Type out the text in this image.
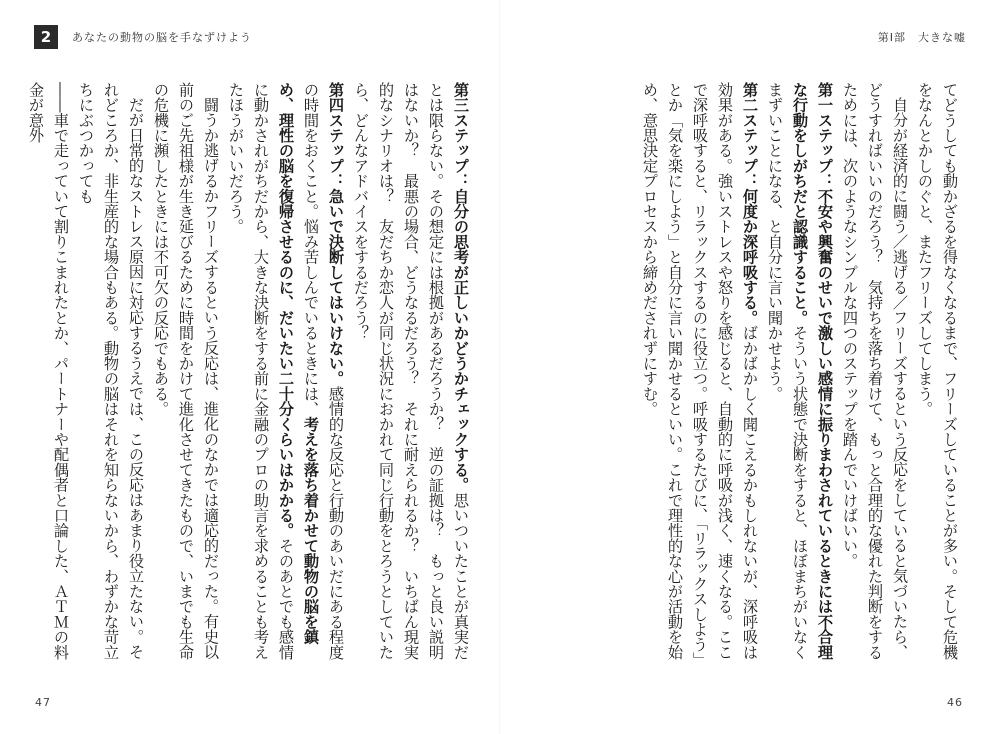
2	あなたの動物の脳を手なずけよう	第Ⅰ部　大きな嘘

てどうしても動かざるを得なくなるまで、フリーズしていることが多い。そして危機をなんとかしのぐと、またフリーズしてしまう。

自分が経済的に闘う／逃げる／フリーズするという反応をしていると気づいたら、どうすればいいのだろう？　気持ちを落ち着けて、もっと合理的な優れた判断をするためには、次のようなシンプルな四つのステップを踏んでいけばいい。

第一ステップ：不安や興奮のせいで激しい感情に振りまわされているときには不合理な行動をしがちだと認識すること。そういう状態で決断をすると、ほぼまちがいなくまずいことになる、と自分に言い聞かせよう。

第二ステップ：何度か深呼吸する。ばかばかしく聞こえるかもしれないが、深呼吸は効果がある。強いストレスや怒りを感じると、自動的に呼吸が浅く、速くなる。ここで深呼吸すると、リラックスするのに役立つ。呼吸するたびに、「リラックスしよう」とか「気を楽にしよう」と自分に言い聞かせるといい。これで理性的な心が活動を始め、意思決定プロセスから締めだされずにすむ。

第三ステップ：自分の思考が正しいかどうかチェックする。思いついたことが真実だとは限らない。その想定には根拠があるだろうか？　逆の証拠は？　もっと良い説明はないか？　最悪の場合、どうなるだろう？　それに耐えられるか？　いちばん現実的なシナリオは？　友だちか恋人が同じ状況におかれて同じ行動をとろうとしていたら、どんなアドバイスをするだろう？

第四ステップ：急いで決断してはいけない。感情的な反応と行動のあいだにある程度の時間をおくこと。悩み苦しんでいるときには、考えを落ち着かせて動物の脳を鎮め、理性の脳を復帰させるのに、だいたい二十分くらいはかかる。そのあとでも感情に動かされがちだから、大きな決断をする前に金融のプロの助言を求めることも考えたほうがいいだろう。

闘うか逃げるかフリーズするという反応は、進化のなかでは適応的だった。有史以前のご先祖様が生き延びるために時間をかけて進化させてきたもので、いまでも生命の危機に瀕したときには不可欠の反応でもある。

だが日常的なストレス原因に対応するうえでは、この反応はあまり役立たない。それどころか、非生産的な場合もある。動物の脳はそれを知らないから、わずかな苛立ちにぶつかっても

――車で走っていて割りこまれたとか、パートナーや配偶者と口論した、ＡＴＭの料金が意外

47	46
